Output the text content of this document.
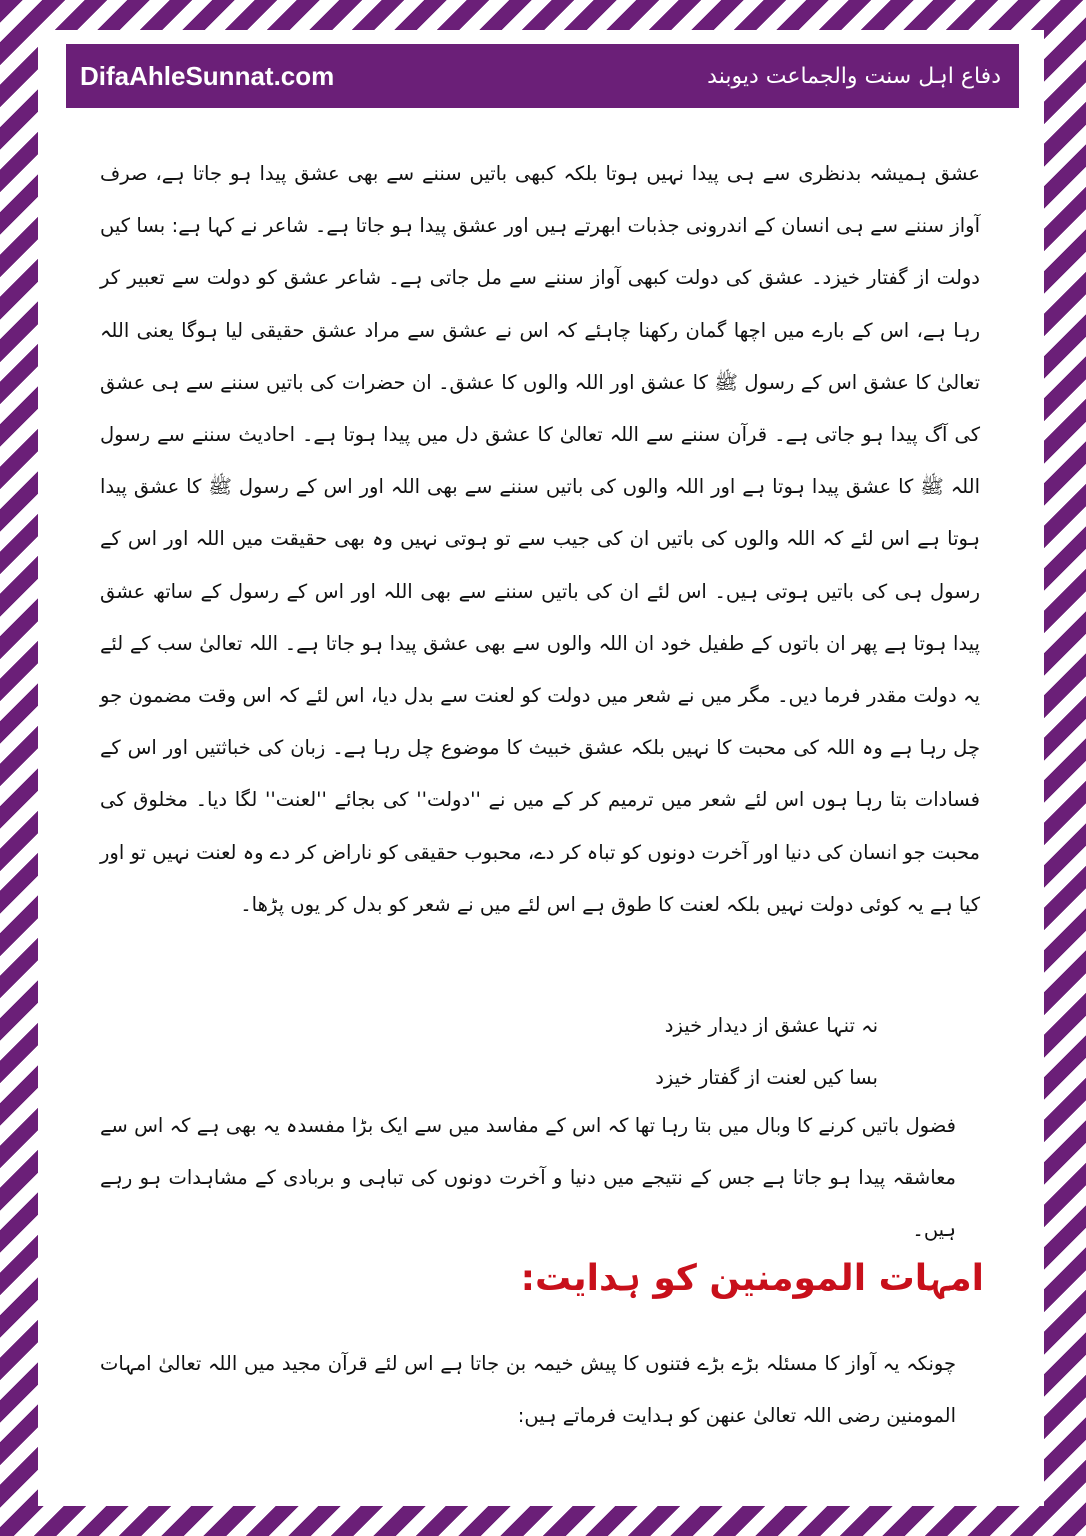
DifaAhleSunnat.com	دفاع اہل سنت والجماعت دیوبند
عشق ہمیشہ بدنظری سے ہی پیدا نہیں ہوتا بلکہ کبھی باتیں سننے سے بھی عشق پیدا ہو جاتا ہے، صرف آواز سننے سے ہی انسان کے اندرونی جذبات ابھرتے ہیں اور عشق پیدا ہو جاتا ہے۔ شاعر نے کہا ہے: بسا کیں دولت از گفتار خیزد۔ عشق کی دولت کبھی آواز سننے سے مل جاتی ہے۔ شاعر عشق کو دولت سے تعبیر کر رہا ہے، اس کے بارے میں اچھا گمان رکھنا چاہئے کہ اس نے عشق سے مراد عشق حقیقی لیا ہوگا یعنی اللہ تعالیٰ کا عشق اس کے رسول ﷺ کا عشق اور اللہ والوں کا عشق۔ ان حضرات کی باتیں سننے سے ہی عشق کی آگ پیدا ہو جاتی ہے۔ قرآن سننے سے اللہ تعالیٰ کا عشق دل میں پیدا ہوتا ہے۔ احادیث سننے سے رسول اللہ ﷺ کا عشق پیدا ہوتا ہے اور اللہ والوں کی باتیں سننے سے بھی اللہ اور اس کے رسول ﷺ کا عشق پیدا ہوتا ہے اس لئے کہ اللہ والوں کی باتیں ان کی جیب سے تو ہوتی نہیں وہ بھی حقیقت میں اللہ اور اس کے رسول ہی کی باتیں ہوتی ہیں۔ اس لئے ان کی باتیں سننے سے بھی اللہ اور اس کے رسول کے ساتھ عشق پیدا ہوتا ہے پھر ان باتوں کے طفیل خود ان اللہ والوں سے بھی عشق پیدا ہو جاتا ہے۔ اللہ تعالیٰ سب کے لئے یہ دولت مقدر فرما دیں۔ مگر میں نے شعر میں دولت کو لعنت سے بدل دیا، اس لئے کہ اس وقت مضمون جو چل رہا ہے وہ اللہ کی محبت کا نہیں بلکہ عشق خبیث کا موضوع چل رہا ہے۔ زبان کی خباثتیں اور اس کے فسادات بتا رہا ہوں اس لئے شعر میں ترمیم کر کے میں نے ''دولت'' کی بجائے ''لعنت'' لگا دیا۔ مخلوق کی محبت جو انسان کی دنیا اور آخرت دونوں کو تباہ کر دے، محبوب حقیقی کو ناراض کر دے وہ لعنت نہیں تو اور کیا ہے یہ کوئی دولت نہیں بلکہ لعنت کا طوق ہے اس لئے میں نے شعر کو بدل کر یوں پڑھا۔
نہ تنہا عشق از دیدار خیزد
بسا کیں لعنت از گفتار خیزد
فضول باتیں کرنے کا وبال میں بتا رہا تھا کہ اس کے مفاسد میں سے ایک بڑا مفسدہ یہ بھی ہے کہ اس سے معاشقہ پیدا ہو جاتا ہے جس کے نتیجے میں دنیا و آخرت دونوں کی تباہی و بربادی کے مشاہدات ہو رہے ہیں۔
امہات المومنین کو ہدایت:
چونکہ یہ آواز کا مسئلہ بڑے بڑے فتنوں کا پیش خیمہ بن جاتا ہے اس لئے قرآن مجید میں اللہ تعالیٰ امہات المومنین رضی اللہ تعالیٰ عنھن کو ہدایت فرماتے ہیں:
